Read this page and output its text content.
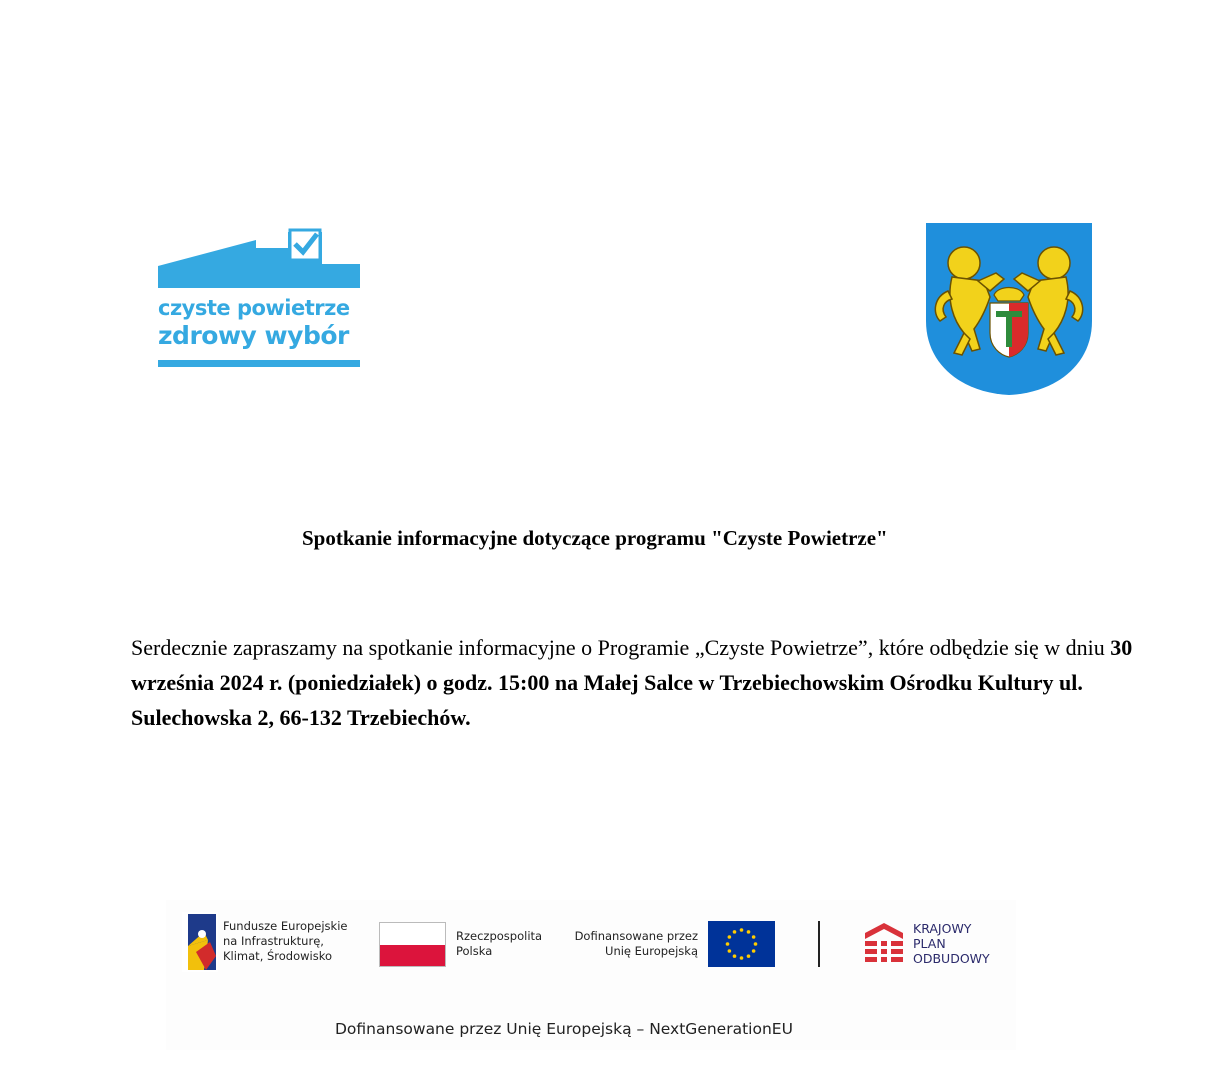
czyste powietrze
zdrowy wybór
Spotkanie informacyjne dotyczące programu "Czyste Powietrze"

Serdecznie zapraszamy na spotkanie informacyjne o Programie „Czyste Powietrze”, które odbędzie się w dniu 30 września 2024 r. (poniedziałek) o godz. 15:00 na Małej Salce w Trzebiechowskim Ośrodku Kultury ul. Sulechowska 2, 66-132 Trzebiechów.

Fundusze Europejskie
na Infrastrukturę,
Klimat, Środowisko
Rzeczpospolita
Polska
Dofinansowane przez
Unię Europejską
KRAJOWY
PLAN
ODBUDOWY
Dofinansowane przez Unię Europejską – NextGenerationEU
